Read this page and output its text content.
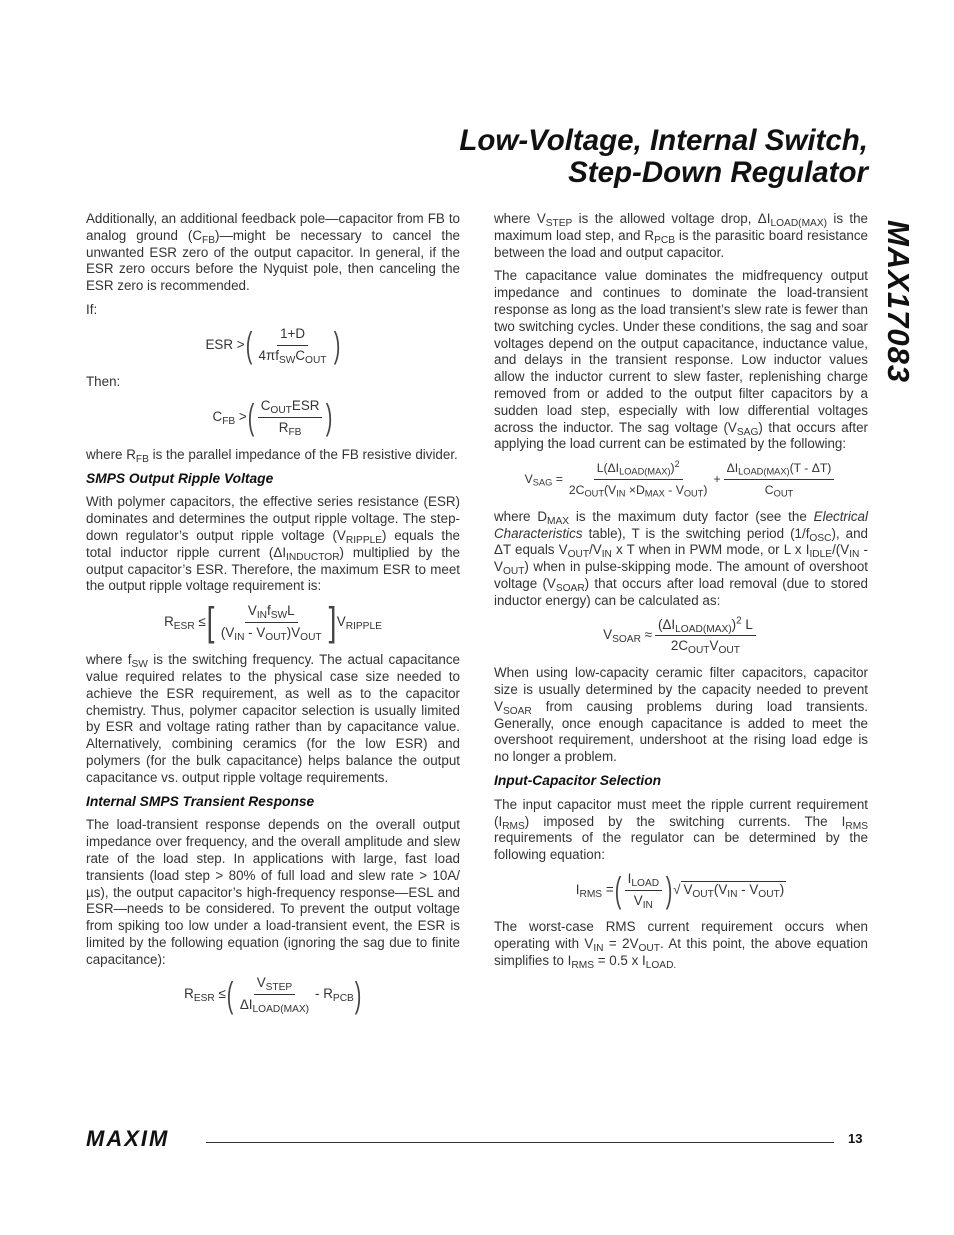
Low-Voltage, Internal Switch,
Step-Down Regulator
MAX17083

Additionally, an additional feedback pole—capacitor from FB to analog ground $(C_{FB})—might$ be necessary to cancel the unwanted ESR zero of the output capacitor. In general, if the ESR zero occurs before the Nyquist pole, then canceling the ESR zero is recommended.

If:

ESR > ( $\frac{1+D}{4\pi f_{SW}C_{OUT}}$ )

Then:

$C_{FB}$ > ( $\frac{C_{OUT}ESR}{R_{FB}}$ )

where $R_{FB}$ is the parallel impedance of the FB resistive divider.

SMPS Output Ripple Voltage

With polymer capacitors, the effective series resistance (ESR) dominates and determines the output ripple voltage. The step-down regulator’s output ripple voltage $(V_{RIPPLE})$ equals the total inductor ripple current $(\Delta I_{INDUCTOR})$ multiplied by the output capacitor’s ESR. Therefore, the maximum ESR to meet the output ripple voltage requirement is:

$R_{ESR}$ ≤ [ $\frac{V_{IN}f_{SW}L}{(V_{IN} - V_{OUT})V_{OUT}}$ ] $V_{RIPPLE}$

where $f_{SW}$ is the switching frequency. The actual capacitance value required relates to the physical case size needed to achieve the ESR requirement, as well as to the capacitor chemistry. Thus, polymer capacitor selection is usually limited by ESR and voltage rating rather than by capacitance value. Alternatively, combining ceramics (for the low ESR) and polymers (for the bulk capacitance) helps balance the output capacitance vs. output ripple voltage requirements.

Internal SMPS Transient Response

The load-transient response depends on the overall output impedance over frequency, and the overall amplitude and slew rate of the load step. In applications with large, fast load transients (load step > 80% of full load and slew rate > 10A/µs), the output capacitor’s high-frequency response—ESL and ESR—needs to be considered. To prevent the output voltage from spiking too low under a load-transient event, the ESR is limited by the following equation (ignoring the sag due to finite capacitance):

$R_{ESR}$ ≤ ( $\frac{V_{STEP}}{\Delta I_{LOAD(MAX)}} - R_{PCB}$ )

where $V_{STEP}$ is the allowed voltage drop, $\Delta I_{LOAD(MAX)}$ is the maximum load step, and $R_{PCB}$ is the parasitic board resistance between the load and output capacitor.

The capacitance value dominates the midfrequency output impedance and continues to dominate the load-transient response as long as the load transient’s slew rate is fewer than two switching cycles. Under these conditions, the sag and soar voltages depend on the output capacitance, inductance value, and delays in the transient response. Low inductor values allow the inductor current to slew faster, replenishing charge removed from or added to the output filter capacitors by a sudden load step, especially with low differential voltages across the inductor. The sag voltage $(V_{SAG})$ that occurs after applying the load current can be estimated by the following:

$V_{SAG} = \frac{L(\Delta I_{LOAD(MAX)})^2}{2C_{OUT}(V_{IN} \times D_{MAX} - V_{OUT})} + \frac{\Delta I_{LOAD(MAX)}(T - \Delta T)}{C_{OUT}}$

where $D_{MAX}$ is the maximum duty factor (see the Electrical Characteristics table), T is the switching period $(1/f_{OSC})$, and ΔT equals $V_{OUT}/V_{IN}$ x T when in PWM mode, or L x $I_{IDLE}/(V_{IN} - V_{OUT})$ when in pulse-skipping mode. The amount of overshoot voltage $(V_{SOAR})$ that occurs after load removal (due to stored inductor energy) can be calculated as:

$V_{SOAR} \approx \frac{(\Delta I_{LOAD(MAX)})^2 L}{2C_{OUT}V_{OUT}}$

When using low-capacity ceramic filter capacitors, capacitor size is usually determined by the capacity needed to prevent $V_{SOAR}$ from causing problems during load transients. Generally, once enough capacitance is added to meet the overshoot requirement, undershoot at the rising load edge is no longer a problem.

Input-Capacitor Selection

The input capacitor must meet the ripple current requirement $(I_{RMS})$ imposed by the switching currents. The $I_{RMS}$ requirements of the regulator can be determined by the following equation:

$I_{RMS}$ = ( $\frac{I_{LOAD}}{V_{IN}}$ ) √ $V_{OUT}(V_{IN} - V_{OUT})$

The worst-case RMS current requirement occurs when operating with $V_{IN} = 2V_{OUT}$. At this point, the above equation simplifies to $I_{RMS} = 0.5$ x $I_{LOAD.}$

MAXIM	13
